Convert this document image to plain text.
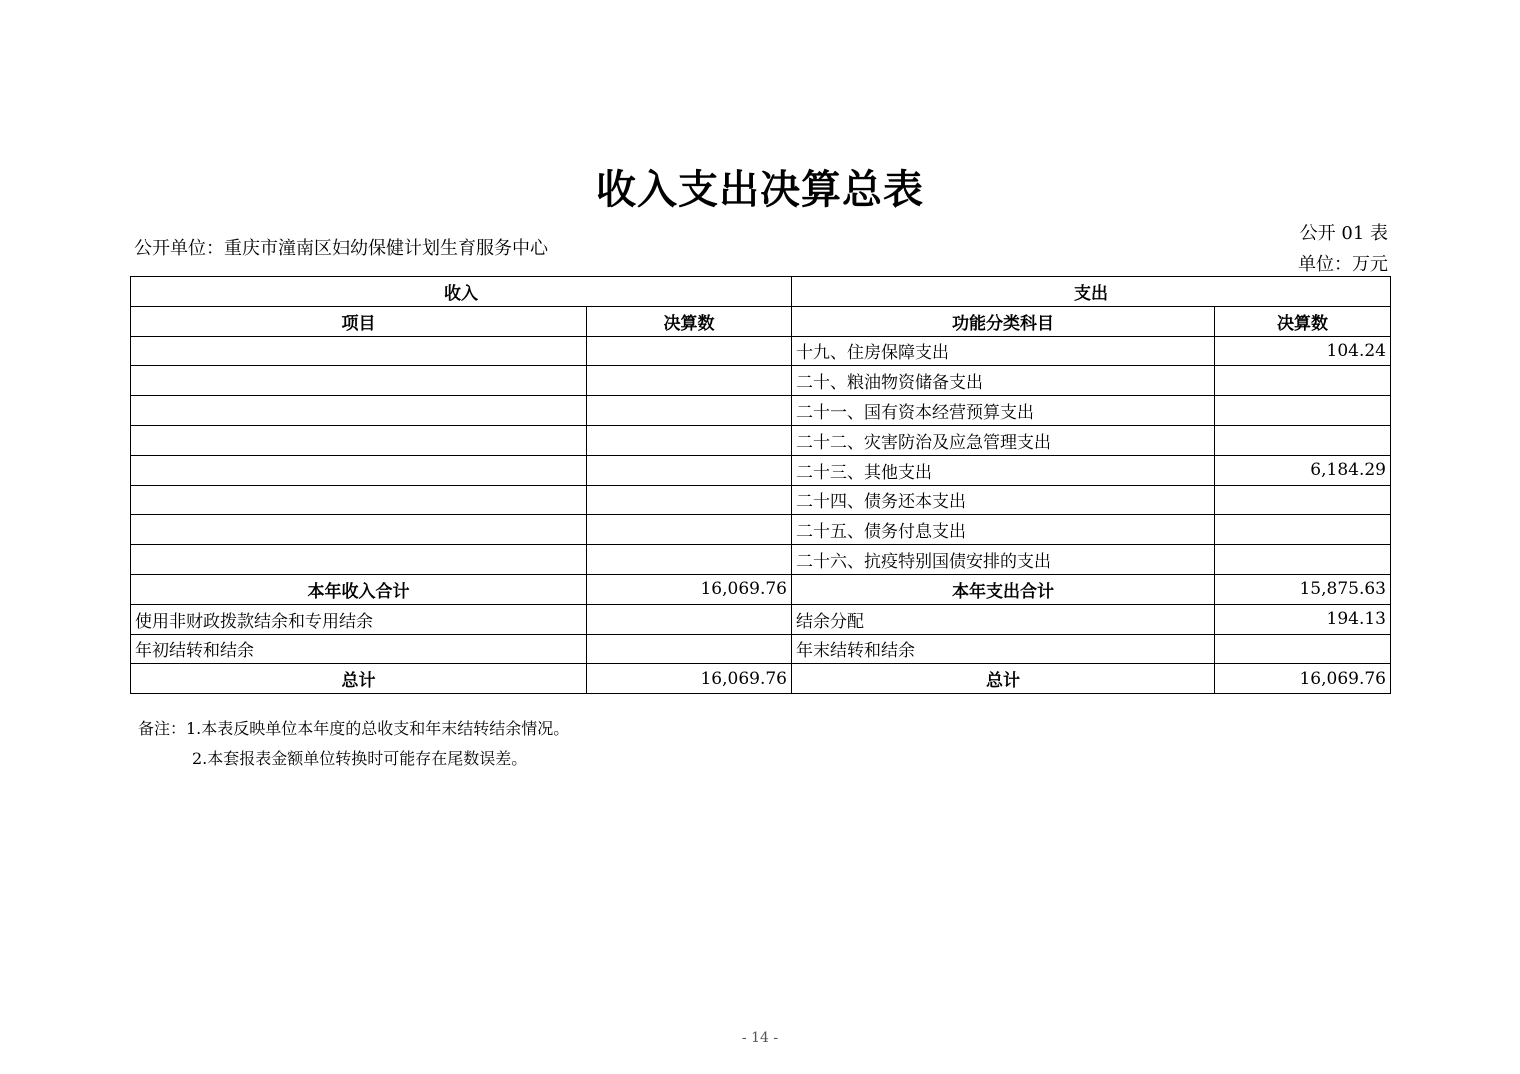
收入支出决算总表
公开单位：重庆市潼南区妇幼保健计划生育服务中心
公开 01 表
单位：万元
收入		支出	
项目	决算数	功能分类科目	决算数
		十九、住房保障支出	104.24
		二十、粮油物资储备支出	
		二十一、国有资本经营预算支出	
		二十二、灾害防治及应急管理支出	
		二十三、其他支出	6,184.29
		二十四、债务还本支出	
		二十五、债务付息支出	
		二十六、抗疫特别国债安排的支出	
本年收入合计	16,069.76	本年支出合计	15,875.63
使用非财政拨款结余和专用结余		结余分配	194.13
年初结转和结余		年末结转和结余	
总计	16,069.76	总计	16,069.76
备注：1.本表反映单位本年度的总收支和年末结转结余情况。
2.本套报表金额单位转换时可能存在尾数误差。
- 14 -
